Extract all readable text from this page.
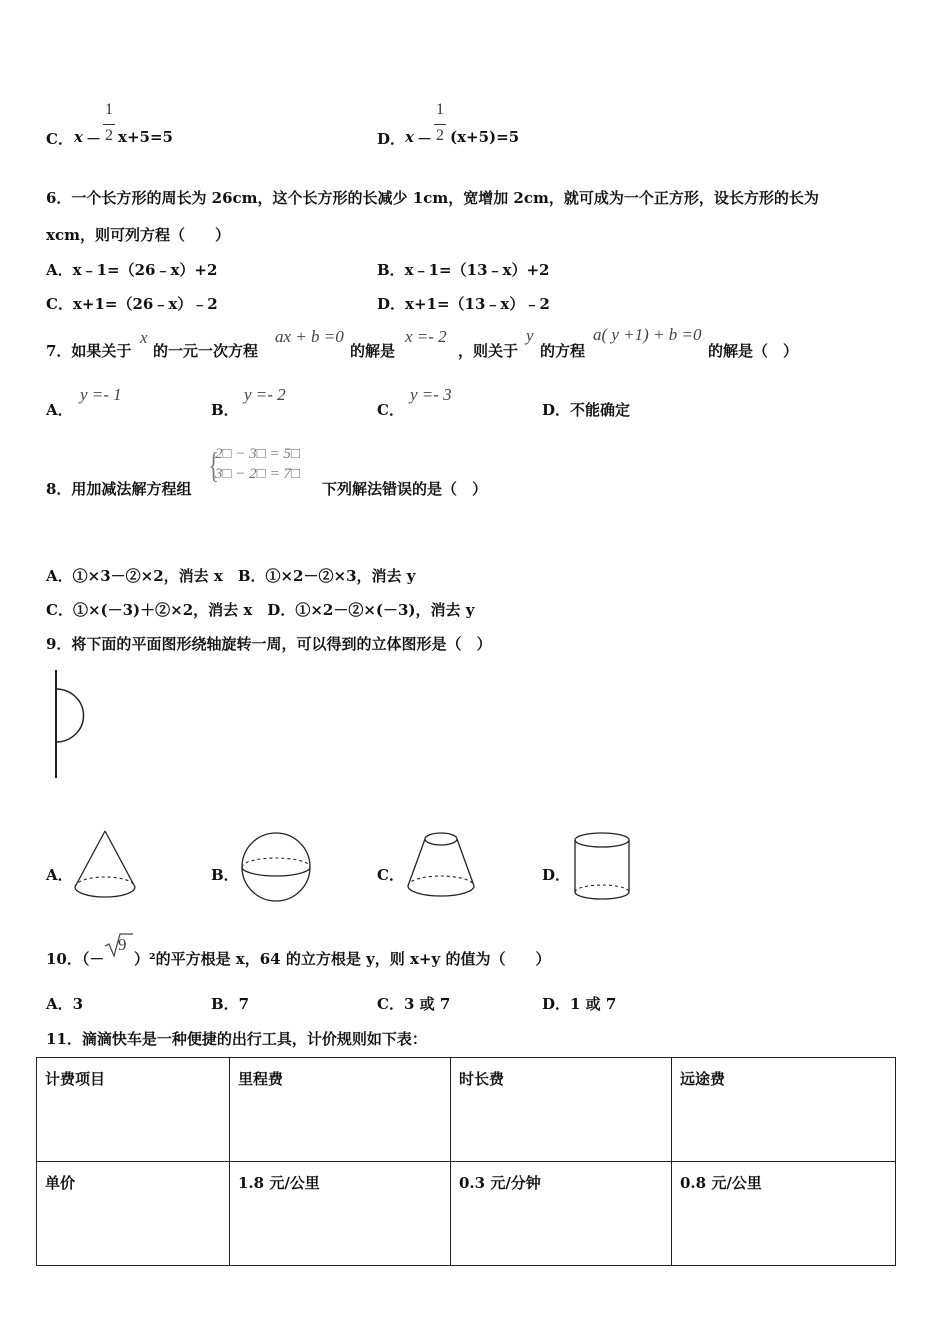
C． x －
1
2 x+5=5	D． x －
1
2 (x+5)=5
6．一个长方形的周长为 26cm，这个长方形的长减少 1cm，宽增加 2cm，就可成为一个正方形，设长方形的长为
xcm，则可列方程（　　）
A．x﹣1=（26﹣x）+2	B．x﹣1=（13﹣x）+2
C．x+1=（26﹣x）﹣2	D．x+1=（13﹣x）﹣2
7．如果关于
x
的一元一次方程
ax + b =0
的解是
x =- 2
，则关于
y
的方程
a( y +1) + b =0
的解是（　）
A．
y =- 1
B．
y =- 2
C．
y =- 3
D．不能确定
8．用加减法解方程组
{
2□ − 3□ = 5□
3□ − 2□ = 7□
下列解法错误的是（　）
A．①×3－②×2，消去 x　B．①×2－②×3，消去 y
C．①×(－3)＋②×2，消去 x　D．①×2－②×(－3)，消去 y
9．将下面的平面图形绕轴旋转一周，可以得到的立体图形是（　）
A．	B．	C．	D．
10．（－
9
）²的平方根是 x，64 的立方根是 y，则 x+y 的值为（　　）
A．3	B．7	C．3 或 7	D．1 或 7
11．滴滴快车是一种便捷的出行工具，计价规则如下表：
计费项目	里程费	时长费	远途费
单价	1.8 元/公里	0.3 元/分钟	0.8 元/公里
